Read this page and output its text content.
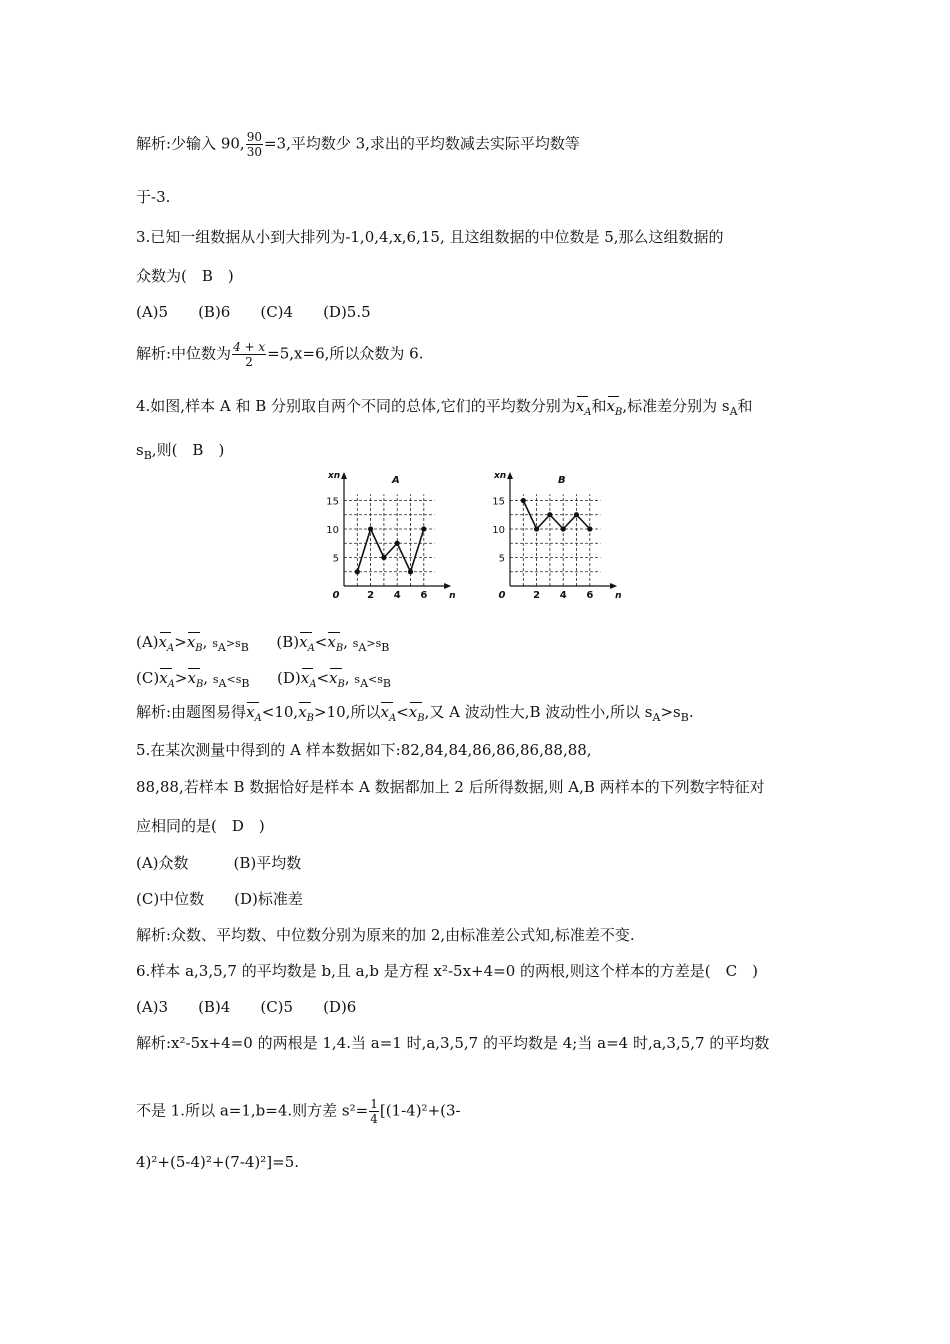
解析:少输入 90, $\frac{90}{30} =3$,平均数少 3,求出的平均数减去实际平均数等
于-3.
3.已知一组数据从小到大排列为-1,0,4,x,6,15, 且这组数据的中位数是 5,那么这组数据的
众数为(　B　)
(A)5　　(B)6　　(C)4　　(D)5.5
解析:中位数为 $\frac{4 + x}{2} =5,x=6$,所以众数为 6.
4.如图,样本 A 和 B 分别取自两个不同的总体,它们的平均数分别为
$x_A$和
$x_B$,标准差分别为 $s_A$和
$s_B$,则(　B　)
5
10
15
0	2 4 6 n
xn	A
5
10
15
0	2 4 6 n
xn	B
(A)
$x_A>$
$x_B$, $s_A>s_B$ (B)
$x_A<$
$x_B$, $s_A>s_B$
(C)
$x_A>$
$x_B$, $s_A<s_B$ (D)
$x_A<$
$x_B$, $s_A<s_B$
解析:由题图易得
$x_A<10$,
$x_B>10$,所以
$x_A<$
$x_B$,又 A 波动性大,B 波动性小,所以 $s_A>s_B$.
5.在某次测量中得到的 A 样本数据如下:82,84,84,86,86,86,88,88,
88,88,若样本 B 数据恰好是样本 A 数据都加上 2 后所得数据,则 A,B 两样本的下列数字特征对
应相同的是(　D　)
(A)众数　　　(B)平均数
(C)中位数　　(D)标准差
解析:众数、平均数、中位数分别为原来的加 2,由标准差公式知,标准差不变.
6.样本 a,3,5,7 的平均数是 b,且 a,b 是方程 x²-5x+4=0 的两根,则这个样本的方差是(　C　)
(A)3　　(B)4　　(C)5　　(D)6
解析:x²-5x+4=0 的两根是 1,4.当 a=1 时,a,3,5,7 的平均数是 4;当 a=4 时,a,3,5,7 的平均数
不是 1.所以 a=1,b=4.则方差 $s^2= \frac{1}{4} [(1-4)^2+(3-$
4)²+(5-4)²+(7-4)²]=5.
